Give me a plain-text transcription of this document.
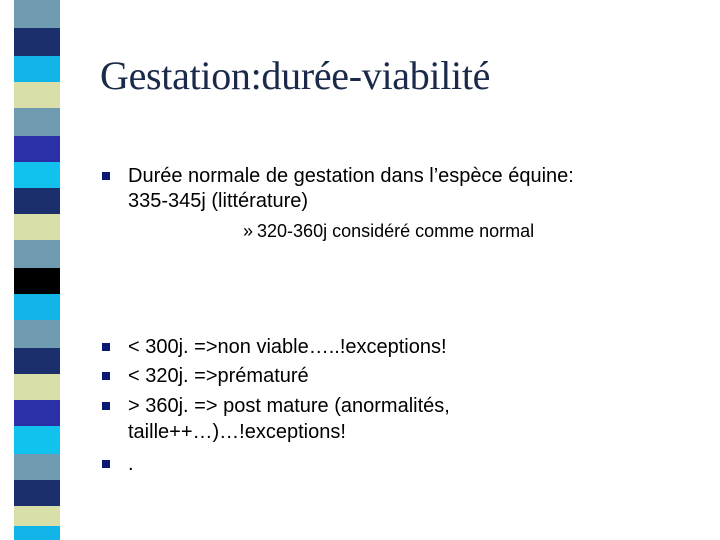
Gestation:durée-viabilité
Durée normale de gestation dans l’espèce équine:
335-345j (littérature)
» 320-360j considéré comme normal
< 300j. =>non viable…..!exceptions!
< 320j. =>prématuré
> 360j. => post mature (anormalités,
taille++…)…!exceptions!
.
